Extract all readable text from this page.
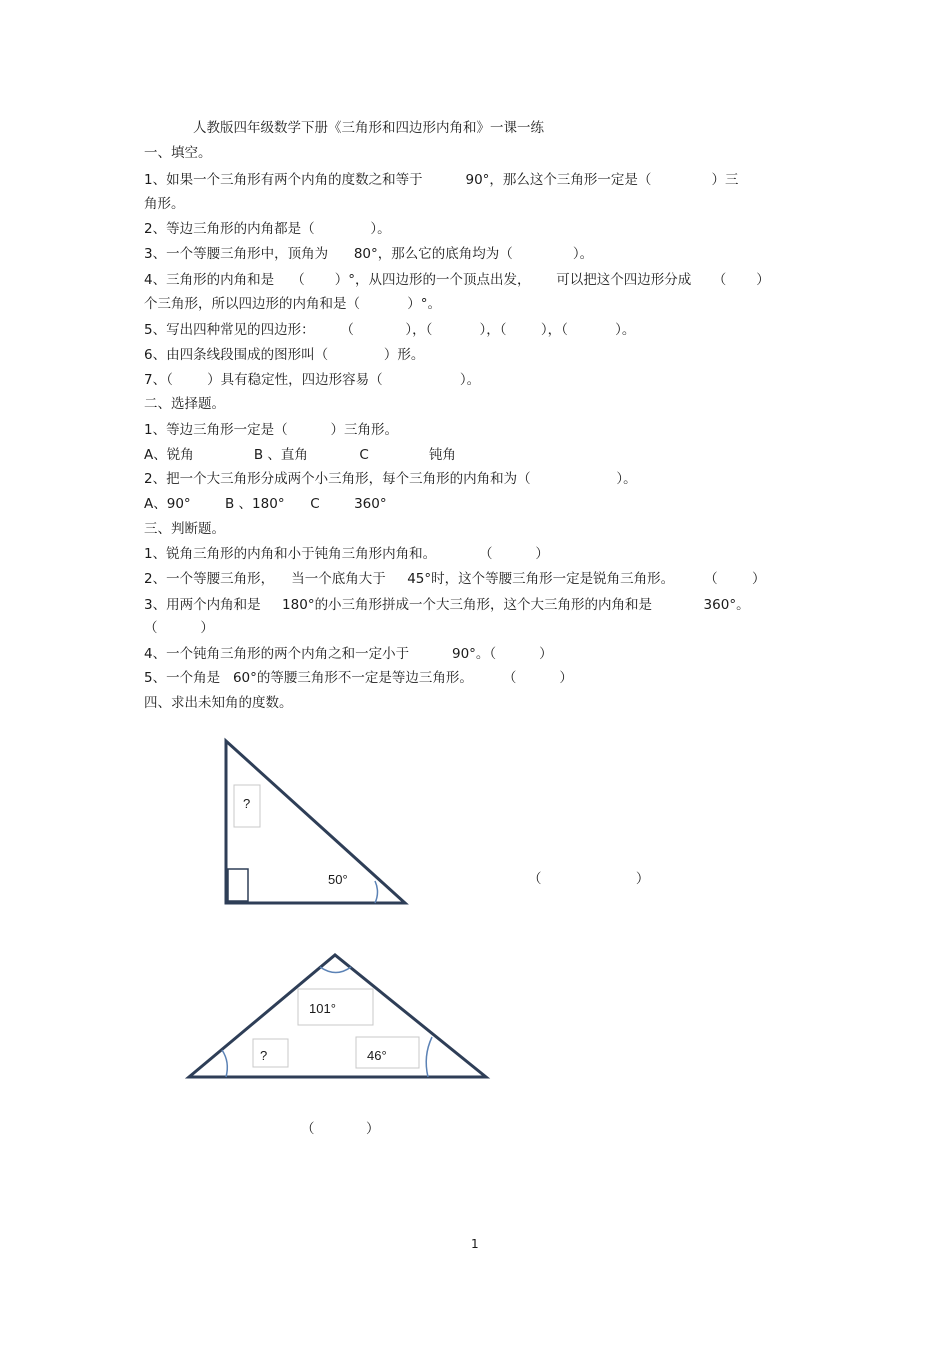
人教版四年级数学下册《三角形和四边形内角和》一课一练
一、填空。
1、如果一个三角形有两个内角的度数之和等于          90°，那么这个三角形一定是（              ）三
角形。
2、等边三角形的内角都是（             ）。
3、一个等腰三角形中，顶角为      80°，那么它的底角均为（              ）。
4、三角形的内角和是    （       ）°，从四边形的一个顶点出发，      可以把这个四边形分成     （       ）
个三角形，所以四边形的内角和是（           ）°。
5、写出四种常见的四边形：      （            ），（           ），（        ），（           ）。
6、由四条线段围成的图形叫（             ）形。
7、（        ）具有稳定性，四边形容易（                  ）。
二、选择题。
1、等边三角形一定是（          ）三角形。
A、锐角              B 、直角            C              钝角
2、把一个大三角形分成两个小三角形，每个三角形的内角和为（                    ）。
A、90°        B 、180°      C        360°
三、判断题。
1、锐角三角形的内角和小于钝角三角形内角和。          （          ）
2、一个等腰三角形，    当一个底角大于     45°时，这个等腰三角形一定是锐角三角形。       （        ）
3、用两个内角和是     180°的小三角形拼成一个大三角形，这个大三角形的内角和是            360°。
（          ）
4、一个钝角三角形的两个内角之和一定小于          90°。（          ）
5、一个角是   60°的等腰三角形不一定是等边三角形。       （          ）
四、求出未知角的度数。
?
50°
101°
?	46°
（                      ）
（            ）
1
